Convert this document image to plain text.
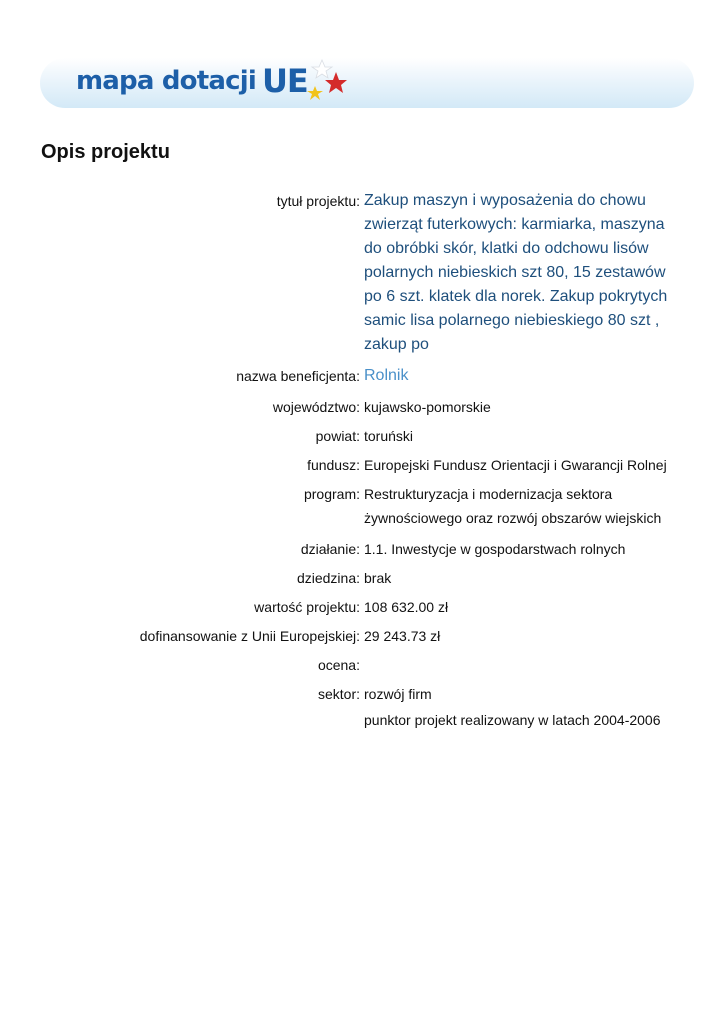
mapa dotacji UE
Opis projektu
tytuł projektu: Zakup maszyn i wyposażenia do chowu zwierząt futerkowych: karmiarka, maszyna do obróbki skór, klatki do odchowu lisów polarnych niebieskich szt 80, 15 zestawów po 6 szt. klatek dla norek. Zakup pokrytych samic lisa polarnego niebieskiego 80 szt , zakup po
nazwa beneficjenta: Rolnik
województwo: kujawsko-pomorskie
powiat: toruński
fundusz: Europejski Fundusz Orientacji i Gwarancji Rolnej
program: Restrukturyzacja i modernizacja sektora żywnościowego oraz rozwój obszarów wiejskich
działanie: 1.1. Inwestycje w gospodarstwach rolnych
dziedzina: brak
wartość projektu: 108 632.00 zł
dofinansowanie z Unii Europejskiej: 29 243.73 zł
ocena:
sektor: rozwój firm
punktor projekt realizowany w latach 2004-2006
